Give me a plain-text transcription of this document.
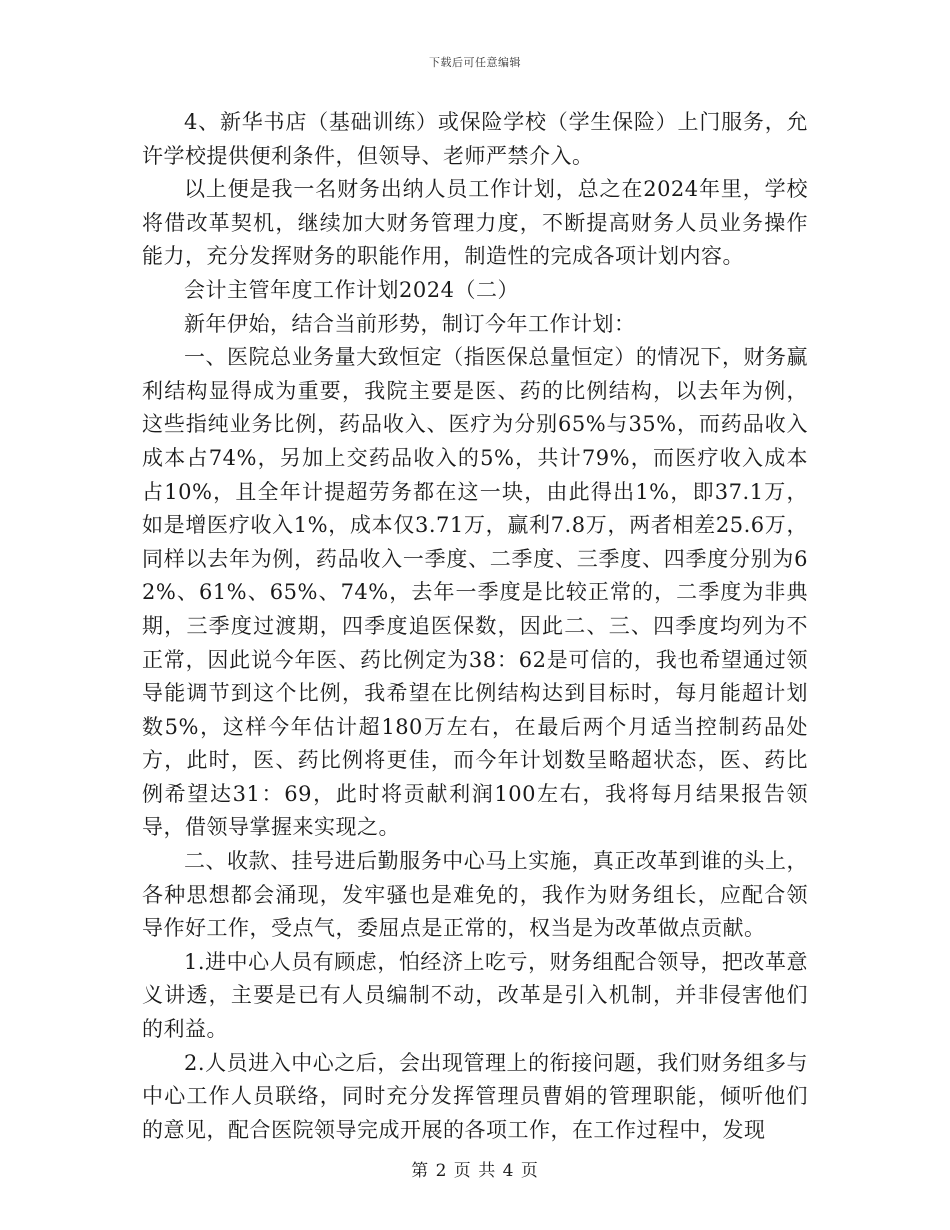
下载后可任意编辑

4、新华书店（基础训练）或保险学校（学生保险）上门服务，允许学校提供便利条件，但领导、老师严禁介入。

以上便是我一名财务出纳人员工作计划，总之在2024年里，学校将借改革契机，继续加大财务管理力度，不断提高财务人员业务操作能力，充分发挥财务的职能作用，制造性的完成各项计划内容。

会计主管年度工作计划2024（二）

新年伊始，结合当前形势，制订今年工作计划：

一、医院总业务量大致恒定（指医保总量恒定）的情况下，财务赢利结构显得成为重要，我院主要是医、药的比例结构，以去年为例，这些指纯业务比例，药品收入、医疗为分别65%与35%，而药品收入成本占74%，另加上交药品收入的5%，共计79%，而医疗收入成本占10%，且全年计提超劳务都在这一块，由此得出1%，即37.1万，如是增医疗收入1%，成本仅3.71万，赢利7.8万，两者相差25.6万，同样以去年为例，药品收入一季度、二季度、三季度、四季度分别为62%、61%、65%、74%，去年一季度是比较正常的，二季度为非典期，三季度过渡期，四季度追医保数，因此二、三、四季度均列为不正常，因此说今年医、药比例定为38：62是可信的，我也希望通过领导能调节到这个比例，我希望在比例结构达到目标时，每月能超计划数5%，这样今年估计超180万左右，在最后两个月适当控制药品处方，此时，医、药比例将更佳，而今年计划数呈略超状态，医、药比例希望达31：69，此时将贡献利润100左右，我将每月结果报告领导，借领导掌握来实现之。

二、收款、挂号进后勤服务中心马上实施，真正改革到谁的头上，各种思想都会涌现，发牢骚也是难免的，我作为财务组长，应配合领导作好工作，受点气，委屈点是正常的，权当是为改革做点贡献。

1.进中心人员有顾虑，怕经济上吃亏，财务组配合领导，把改革意义讲透，主要是已有人员编制不动，改革是引入机制，并非侵害他们的利益。

2.人员进入中心之后，会出现管理上的衔接问题，我们财务组多与中心工作人员联络，同时充分发挥管理员曹娟的管理职能，倾听他们的意见，配合医院领导完成开展的各项工作，在工作过程中，发现

第 2 页 共 4 页
